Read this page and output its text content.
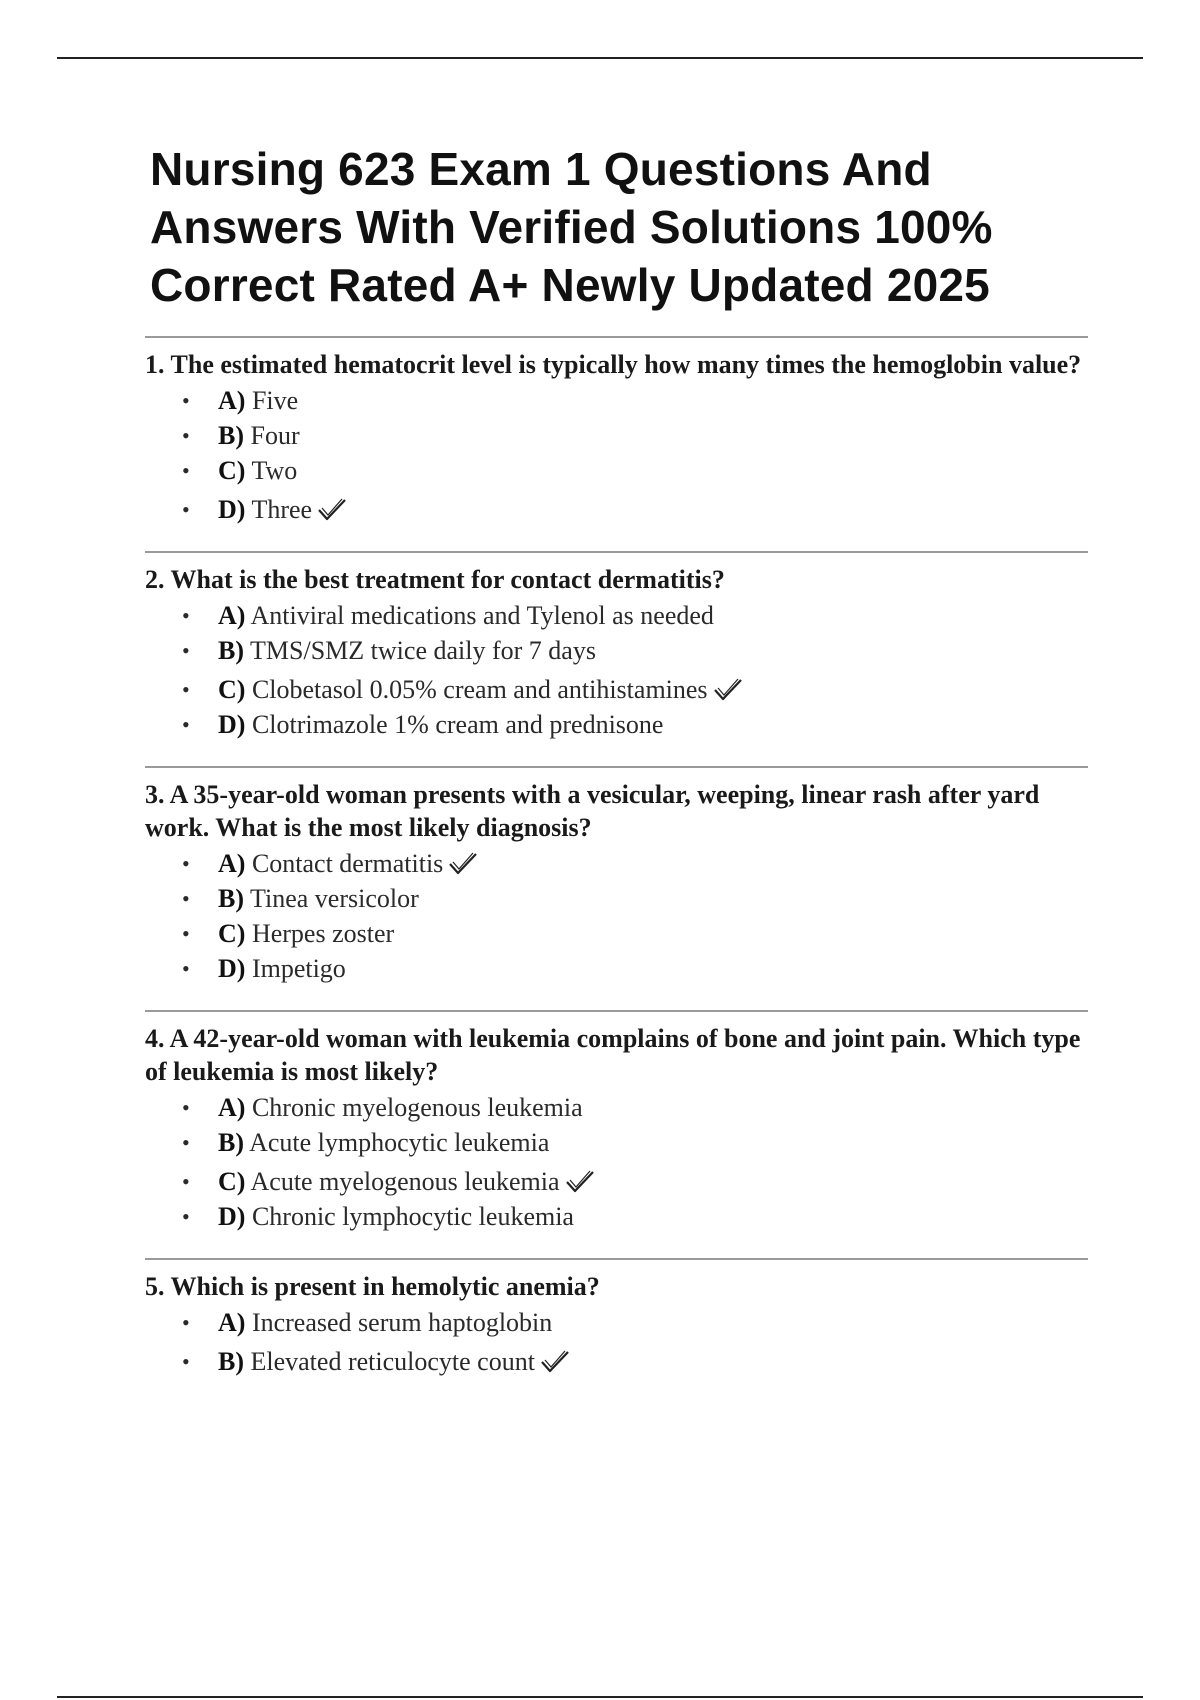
Nursing 623 Exam 1 Questions And
Answers With Verified Solutions 100%
Correct Rated A+ Newly Updated 2025

1. The estimated hematocrit level is typically how many times the hemoglobin value?

• A) Five
• B) Four
• C) Two
• D) Three

2. What is the best treatment for contact dermatitis?

• A) Antiviral medications and Tylenol as needed
• B) TMS/SMZ twice daily for 7 days
• C) Clobetasol 0.05% cream and antihistamines
• D) Clotrimazole 1% cream and prednisone

3. A 35-year-old woman presents with a vesicular, weeping, linear rash after yard work. What is the most likely diagnosis?

• A) Contact dermatitis
• B) Tinea versicolor
• C) Herpes zoster
• D) Impetigo

4. A 42-year-old woman with leukemia complains of bone and joint pain. Which type of leukemia is most likely?

• A) Chronic myelogenous leukemia
• B) Acute lymphocytic leukemia
• C) Acute myelogenous leukemia
• D) Chronic lymphocytic leukemia

5. Which is present in hemolytic anemia?

• A) Increased serum haptoglobin
• B) Elevated reticulocyte count
